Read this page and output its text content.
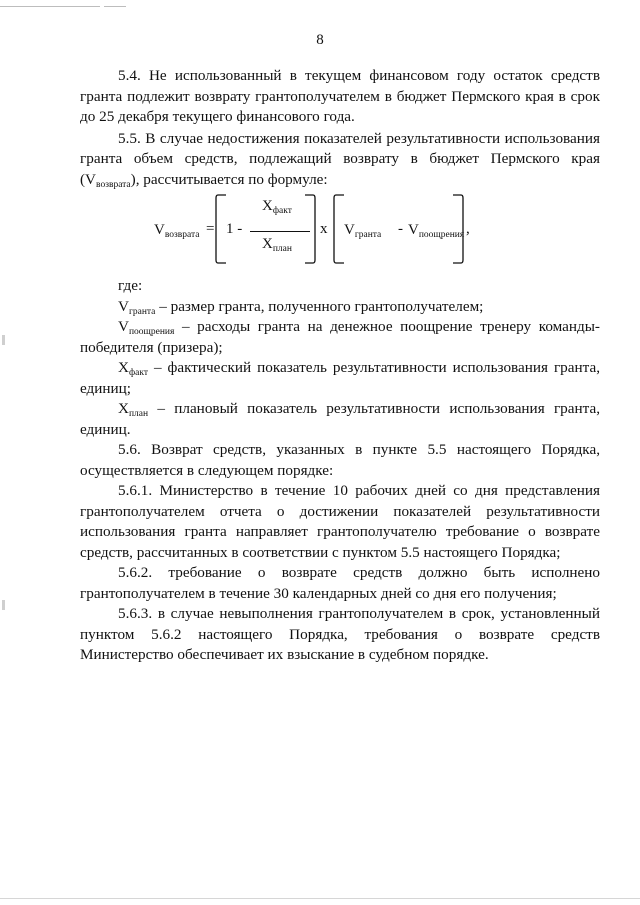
8

5.4. Не использованный в текущем финансовом году остаток средств гранта подлежит возврату грантополучателем в бюджет Пермского края в срок до 25 декабря текущего финансового года.

5.5. В случае недостижения показателей результативности использования гранта объем средств, подлежащий возврату в бюджет Пермского края $(V_{возврата})$, рассчитывается по формуле:

$V_{возврата} = 1$ -
$X_{факт}$
$X_{план}$
x $V_{гранта} - V_{поощрения}$ ,

где:

$V_{гранта}$ – размер гранта, полученного грантополучателем;

$V_{поощрения}$ – расходы гранта на денежное поощрение тренеру команды-

победителя (призера);

$X_{факт}$ – фактический показатель результативности использования гранта,

единиц;

$X_{план}$ – плановый показатель результативности использования гранта,

единиц.

5.6. Возврат средств, указанных в пункте 5.5 настоящего Порядка, осуществляется в следующем порядке:

5.6.1. Министерство в течение 10 рабочих дней со дня представления грантополучателем отчета о достижении показателей результативности использования гранта направляет грантополучателю требование о возврате средств, рассчитанных в соответствии с пунктом 5.5 настоящего Порядка;

5.6.2. требование о возврате средств должно быть исполнено грантополучателем в течение 30 календарных дней со дня его получения;

5.6.3. в случае невыполнения грантополучателем в срок, установленный пунктом 5.6.2 настоящего Порядка, требования о возврате средств Министерство обеспечивает их взыскание в судебном порядке.
